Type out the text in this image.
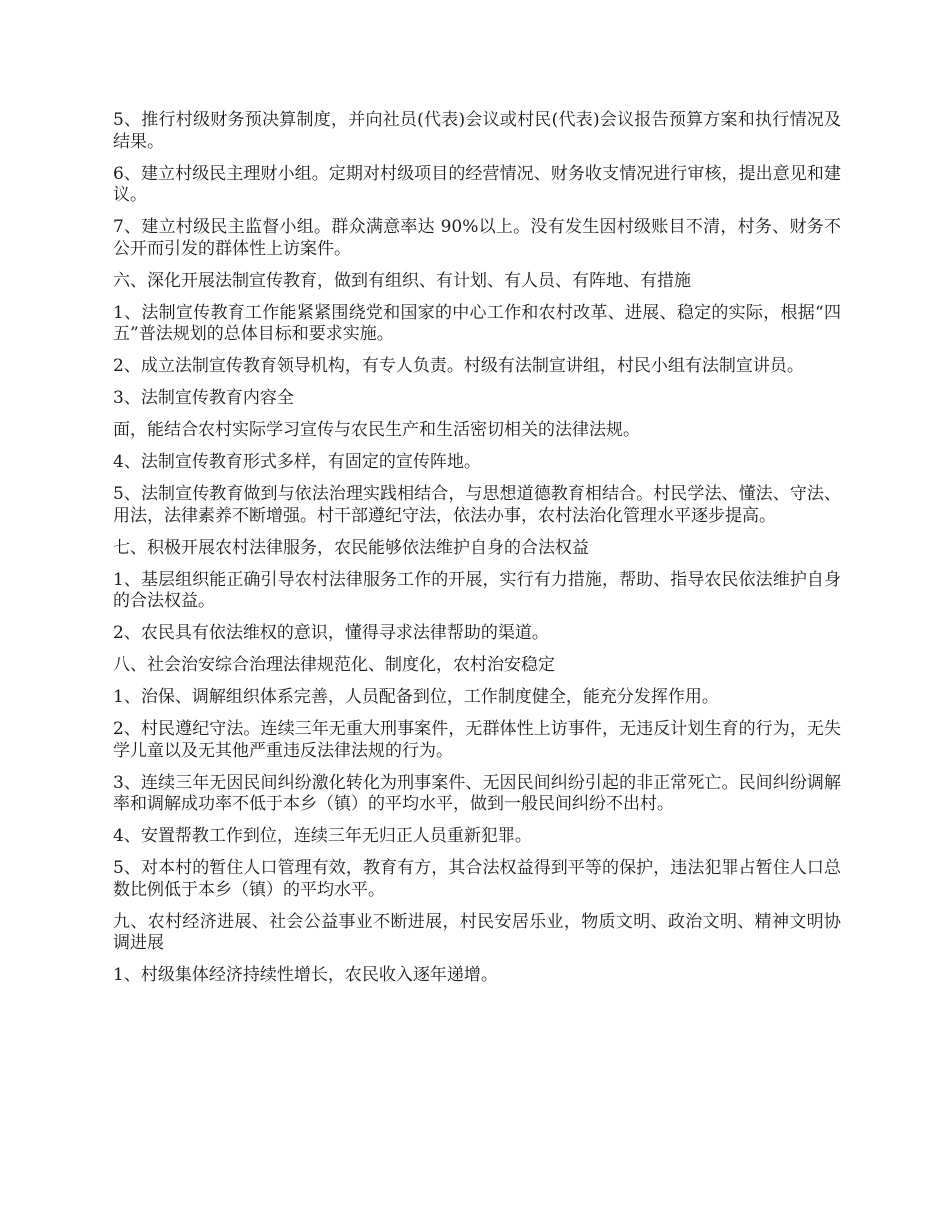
5、推行村级财务预决算制度，并向社员(代表)会议或村民(代表)会议报告预算方案和执行情况及结果。

6、建立村级民主理财小组。定期对村级项目的经营情况、财务收支情况进行审核，提出意见和建议。

7、建立村级民主监督小组。群众满意率达 90%以上。没有发生因村级账目不清，村务、财务不公开而引发的群体性上访案件。

六、深化开展法制宣传教育，做到有组织、有计划、有人员、有阵地、有措施

1、法制宣传教育工作能紧紧围绕党和国家的中心工作和农村改革、进展、稳定的实际，根据“四五”普法规划的总体目标和要求实施。

2、成立法制宣传教育领导机构，有专人负责。村级有法制宣讲组，村民小组有法制宣讲员。

3、法制宣传教育内容全

面，能结合农村实际学习宣传与农民生产和生活密切相关的法律法规。

4、法制宣传教育形式多样，有固定的宣传阵地。

5、法制宣传教育做到与依法治理实践相结合，与思想道德教育相结合。村民学法、懂法、守法、用法，法律素养不断增强。村干部遵纪守法，依法办事，农村法治化管理水平逐步提高。

七、积极开展农村法律服务，农民能够依法维护自身的合法权益

1、基层组织能正确引导农村法律服务工作的开展，实行有力措施，帮助、指导农民依法维护自身的合法权益。

2、农民具有依法维权的意识，懂得寻求法律帮助的渠道。

八、社会治安综合治理法律规范化、制度化，农村治安稳定

1、治保、调解组织体系完善，人员配备到位，工作制度健全，能充分发挥作用。

2、村民遵纪守法。连续三年无重大刑事案件，无群体性上访事件，无违反计划生育的行为，无失学儿童以及无其他严重违反法律法规的行为。

3、连续三年无因民间纠纷激化转化为刑事案件、无因民间纠纷引起的非正常死亡。民间纠纷调解率和调解成功率不低于本乡（镇）的平均水平，做到一般民间纠纷不出村。

4、安置帮教工作到位，连续三年无归正人员重新犯罪。

5、对本村的暂住人口管理有效，教育有方，其合法权益得到平等的保护，违法犯罪占暂住人口总数比例低于本乡（镇）的平均水平。

九、农村经济进展、社会公益事业不断进展，村民安居乐业，物质文明、政治文明、精神文明协调进展

1、村级集体经济持续性增长，农民收入逐年递增。
